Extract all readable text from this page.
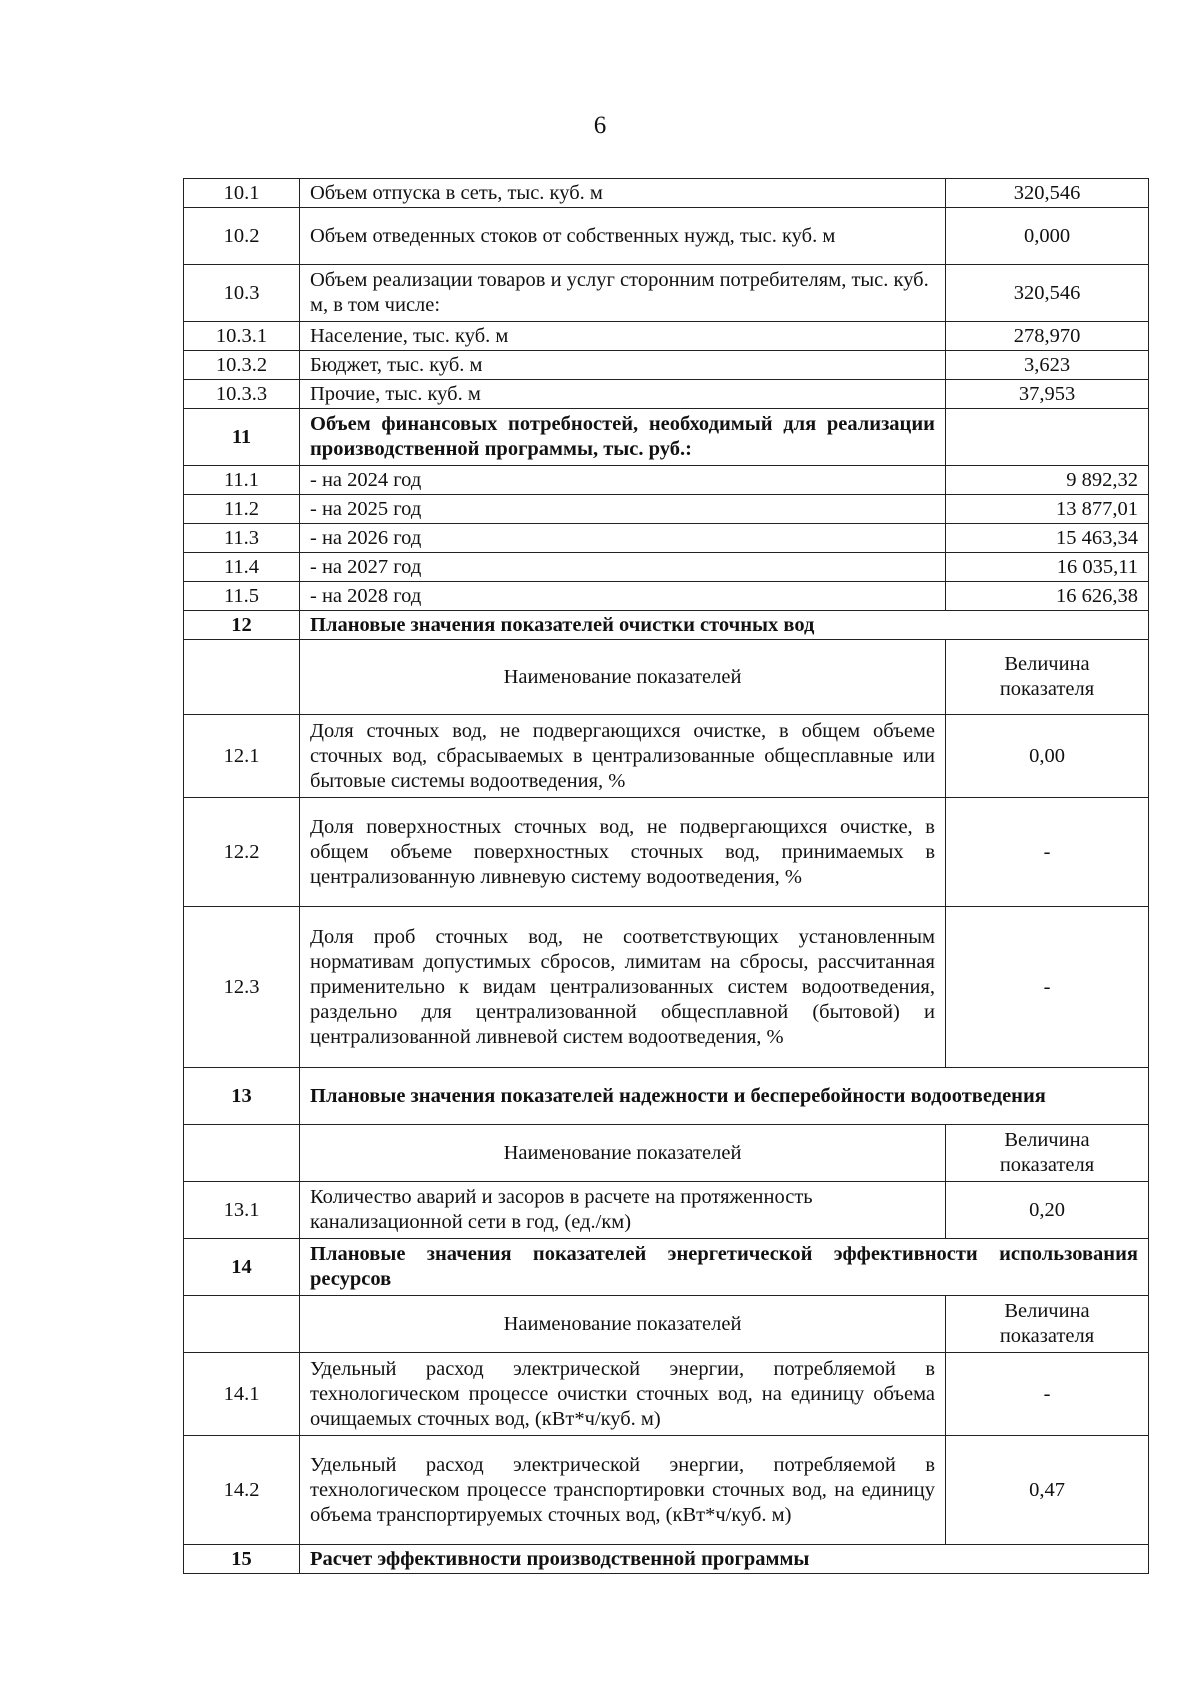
6
10.1	Объем отпуска в сеть, тыс. куб. м	320,546
10.2	Объем отведенных стоков от собственных нужд, тыс. куб. м	0,000
10.3	Объем реализации товаров и услуг сторонним потребителям, тыс. куб. м, в том числе:	320,546
10.3.1	Население, тыс. куб. м	278,970
10.3.2	Бюджет, тыс. куб. м	3,623
10.3.3	Прочие, тыс. куб. м	37,953
11	Объем финансовых потребностей, необходимый для реализации производственной программы, тыс. руб.:	
11.1	- на 2024 год	9 892,32
11.2	- на 2025 год	13 877,01
11.3	- на 2026 год	15 463,34
11.4	- на 2027 год	16 035,11
11.5	- на 2028 год	16 626,38
12	Плановые значения показателей очистки сточных вод	
	Наименование показателей	Величина показателя
12.1	Доля сточных вод, не подвергающихся очистке, в общем объеме сточных вод, сбрасываемых в централизованные общесплавные или бытовые системы водоотведения, %	0,00
12.2	Доля поверхностных сточных вод, не подвергающихся очистке, в общем объеме поверхностных сточных вод, принимаемых в централизованную ливневую систему водоотведения, %	-
12.3	Доля проб сточных вод, не соответствующих установленным нормативам допустимых сбросов, лимитам на сбросы, рассчитанная применительно к видам централизованных систем водоотведения, раздельно для централизованной общесплавной (бытовой) и централизованной ливневой систем водоотведения, %	-
13	Плановые значения показателей надежности и бесперебойности водоотведения	
	Наименование показателей	Величина показателя
13.1	Количество аварий и засоров в расчете на протяженность канализационной сети в год, (ед./км)	0,20
14	Плановые значения показателей энергетической эффективности использования ресурсов	
	Наименование показателей	Величина показателя
14.1	Удельный расход электрической энергии, потребляемой в технологическом процессе очистки сточных вод, на единицу объема очищаемых сточных вод, (кВт*ч/куб. м)	-
14.2	Удельный расход электрической энергии, потребляемой в технологическом процессе транспортировки сточных вод, на единицу объема транспортируемых сточных вод, (кВт*ч/куб. м)	0,47
15	Расчет эффективности производственной программы	
